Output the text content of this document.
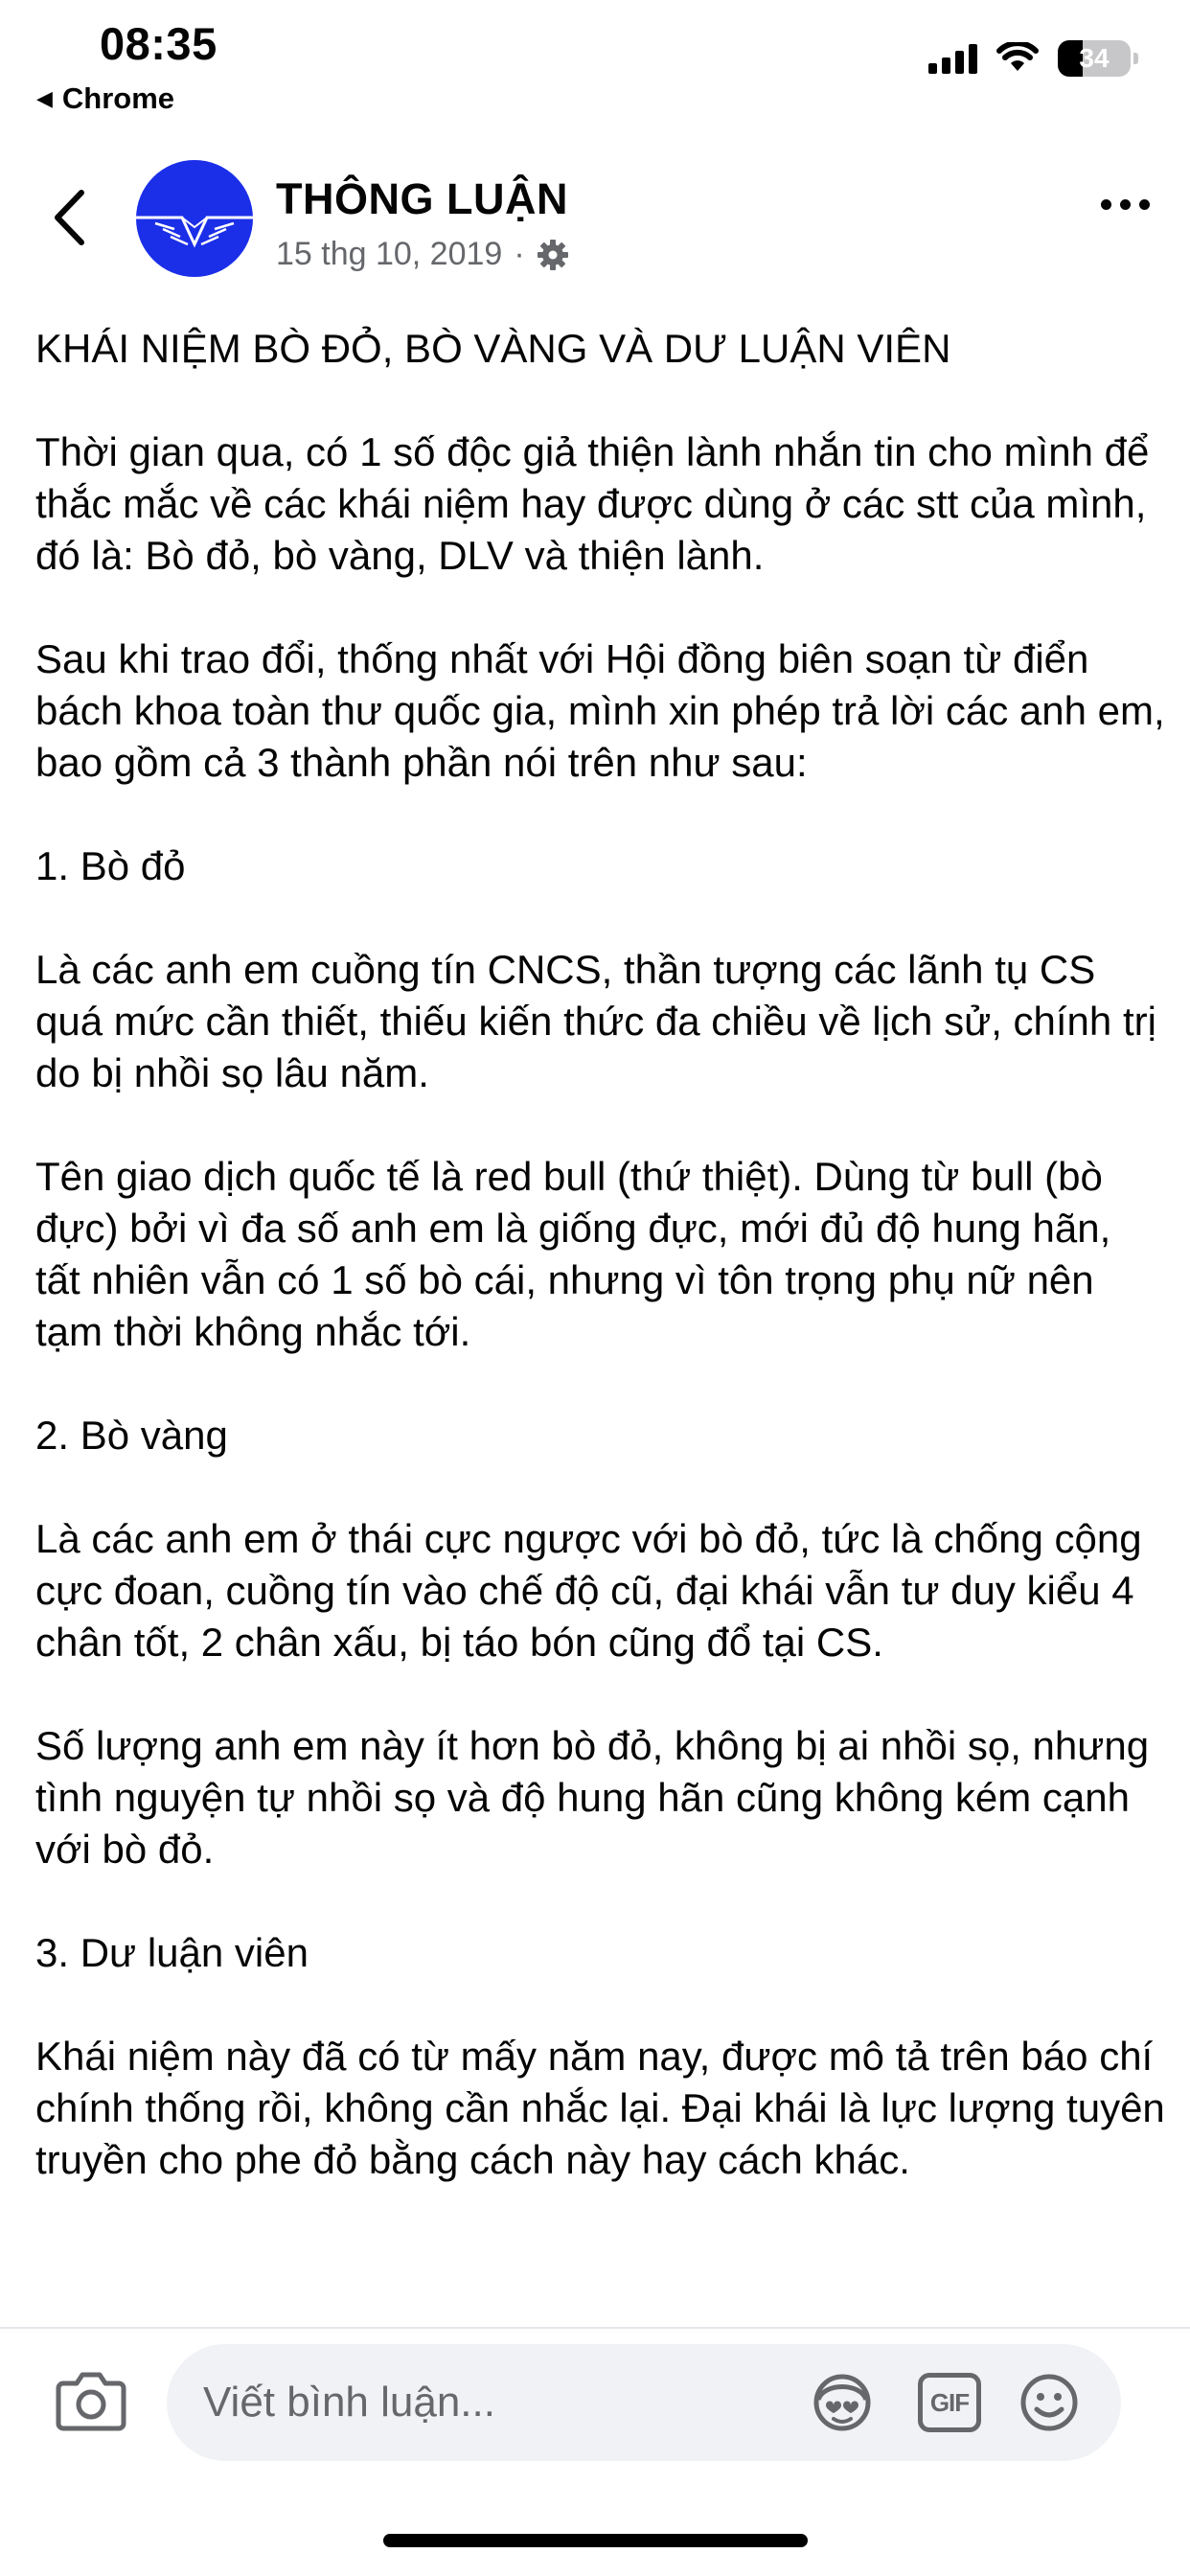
08:35
◀ Chrome
34
THÔNG LUẬN
15 thg 10, 2019 ·

KHÁI NIỆM BÒ ĐỎ, BÒ VÀNG VÀ DƯ LUẬN VIÊN

Thời gian qua, có 1 số độc giả thiện lành nhắn tin cho mình để thắc mắc về các khái niệm hay được dùng ở các stt của mình, đó là: Bò đỏ, bò vàng, DLV và thiện lành.

Sau khi trao đổi, thống nhất với Hội đồng biên soạn từ điển bách khoa toàn thư quốc gia, mình xin phép trả lời các anh em, bao gồm cả 3 thành phần nói trên như sau:

1. Bò đỏ

Là các anh em cuồng tín CNCS, thần tượng các lãnh tụ CS quá mức cần thiết, thiếu kiến thức đa chiều về lịch sử, chính trị do bị nhồi sọ lâu năm.

Tên giao dịch quốc tế là red bull (thứ thiệt). Dùng từ bull (bò đực) bởi vì đa số anh em là giống đực, mới đủ độ hung hãn, tất nhiên vẫn có 1 số bò cái, nhưng vì tôn trọng phụ nữ nên tạm thời không nhắc tới.

2. Bò vàng

Là các anh em ở thái cực ngược với bò đỏ, tức là chống cộng cực đoan, cuồng tín vào chế độ cũ, đại khái vẫn tư duy kiểu 4 chân tốt, 2 chân xấu, bị táo bón cũng đổ tại CS.

Số lượng anh em này ít hơn bò đỏ, không bị ai nhồi sọ, nhưng tình nguyện tự nhồi sọ và độ hung hãn cũng không kém cạnh với bò đỏ.

3. Dư luận viên

Khái niệm này đã có từ mấy năm nay, được mô tả trên báo chí chính thống rồi, không cần nhắc lại. Đại khái là lực lượng tuyên truyền cho phe đỏ bằng cách này hay cách khác.

Viết bình luận...
GIF
